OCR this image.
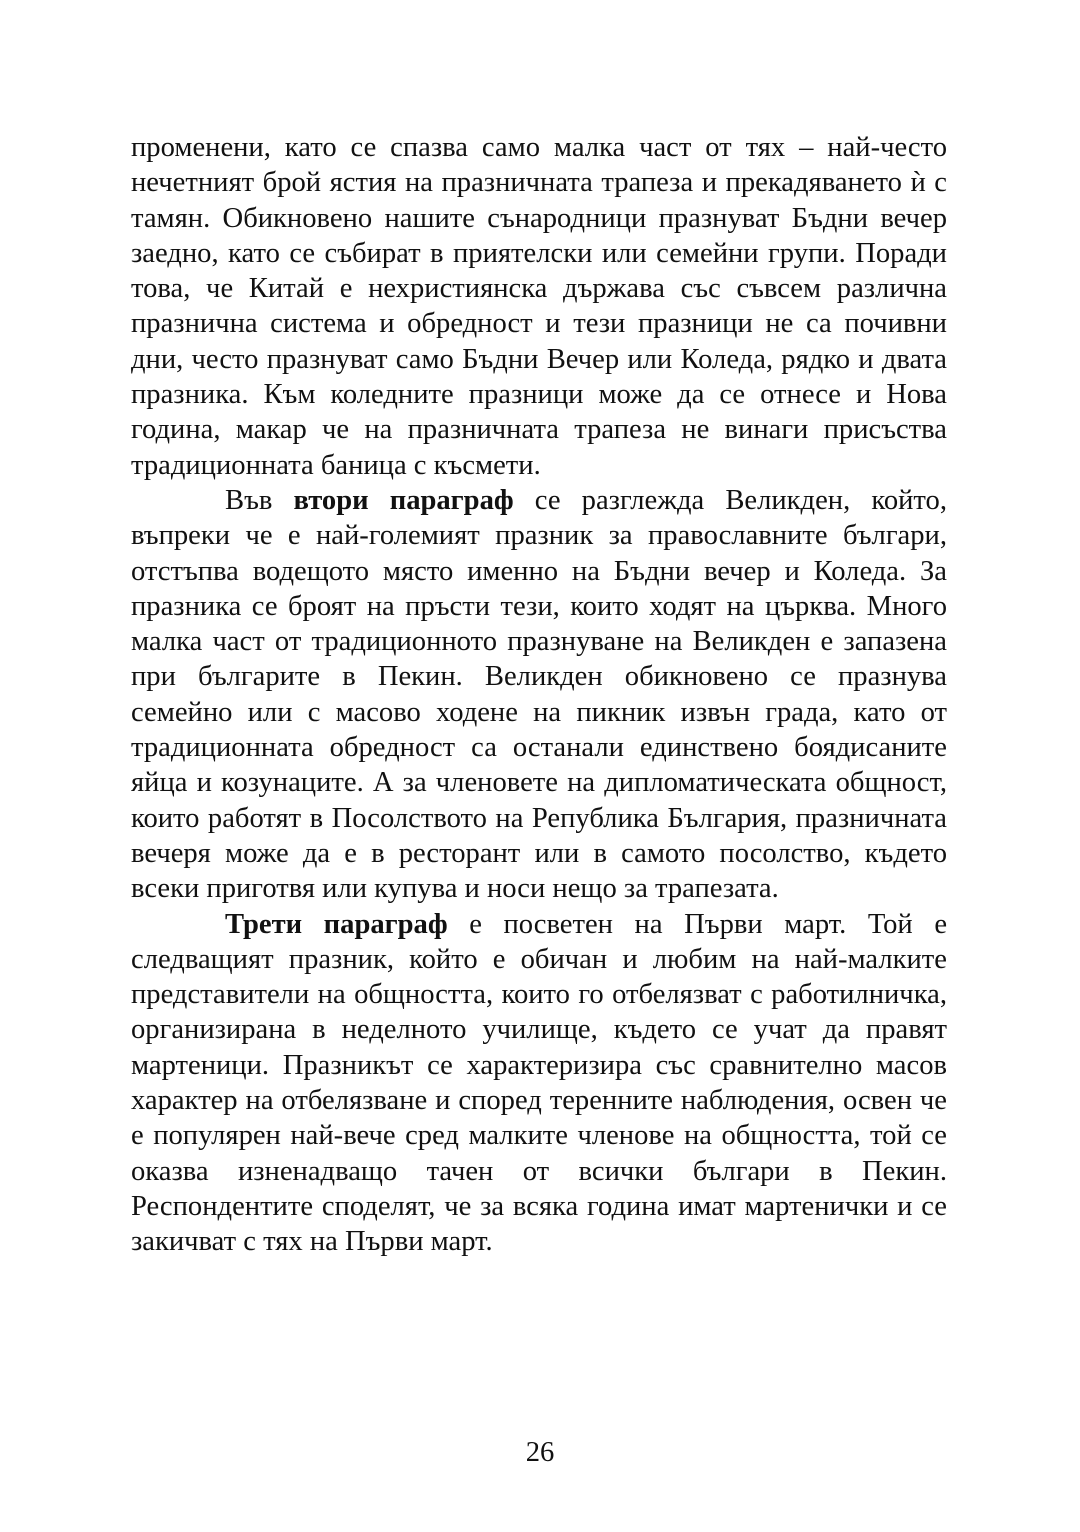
променени, като се спазва само малка част от тях – най-често нечетният брой ястия на празничната трапеза и прекадяването ѝ с тамян. Обикновено нашите сънародници празнуват Бъдни вечер заедно, като се събират в приятелски или семейни групи. Поради това, че Китай е нехристиянска държава със съвсем различна празнична система и обредност и тези празници не са почивни дни, често празнуват само Бъдни Вечер или Коледа, рядко и двата празника. Към коледните празници може да се отнесе и Нова година, макар че на празничната трапеза не винаги присъства традиционната баница с късмети.

Във втори параграф се разглежда Великден, който, въпреки че е най-големият празник за православните българи, отстъпва водещото място именно на Бъдни вечер и Коледа. За празника се броят на пръсти тези, които ходят на църква. Много малка част от традиционното празнуване на Великден е запазена при българите в Пекин. Великден обикновено се празнува семейно или с масово ходене на пикник извън града, като от традиционната обредност са останали единствено боядисаните яйца и козунаците. А за членовете на дипломатическата общност, които работят в Посолството на Република България, празничната вечеря може да е в ресторант или в самото посолство, където всеки приготвя или купува и носи нещо за трапезата.

Трети параграф е посветен на Първи март. Той е следващият празник, който е обичан и любим на най-малките представители на общността, които го отбелязват с работилничка, организирана в неделното училище, където се учат да правят мартеници. Празникът се характеризира със сравнително масов характер на отбелязване и според теренните наблюдения, освен че е популярен най-вече сред малките членове на общността, той се оказва изненадващо тачен от всички българи в Пекин. Респондентите споделят, че за всяка година имат мартенички и се закичват с тях на Първи март.

26
